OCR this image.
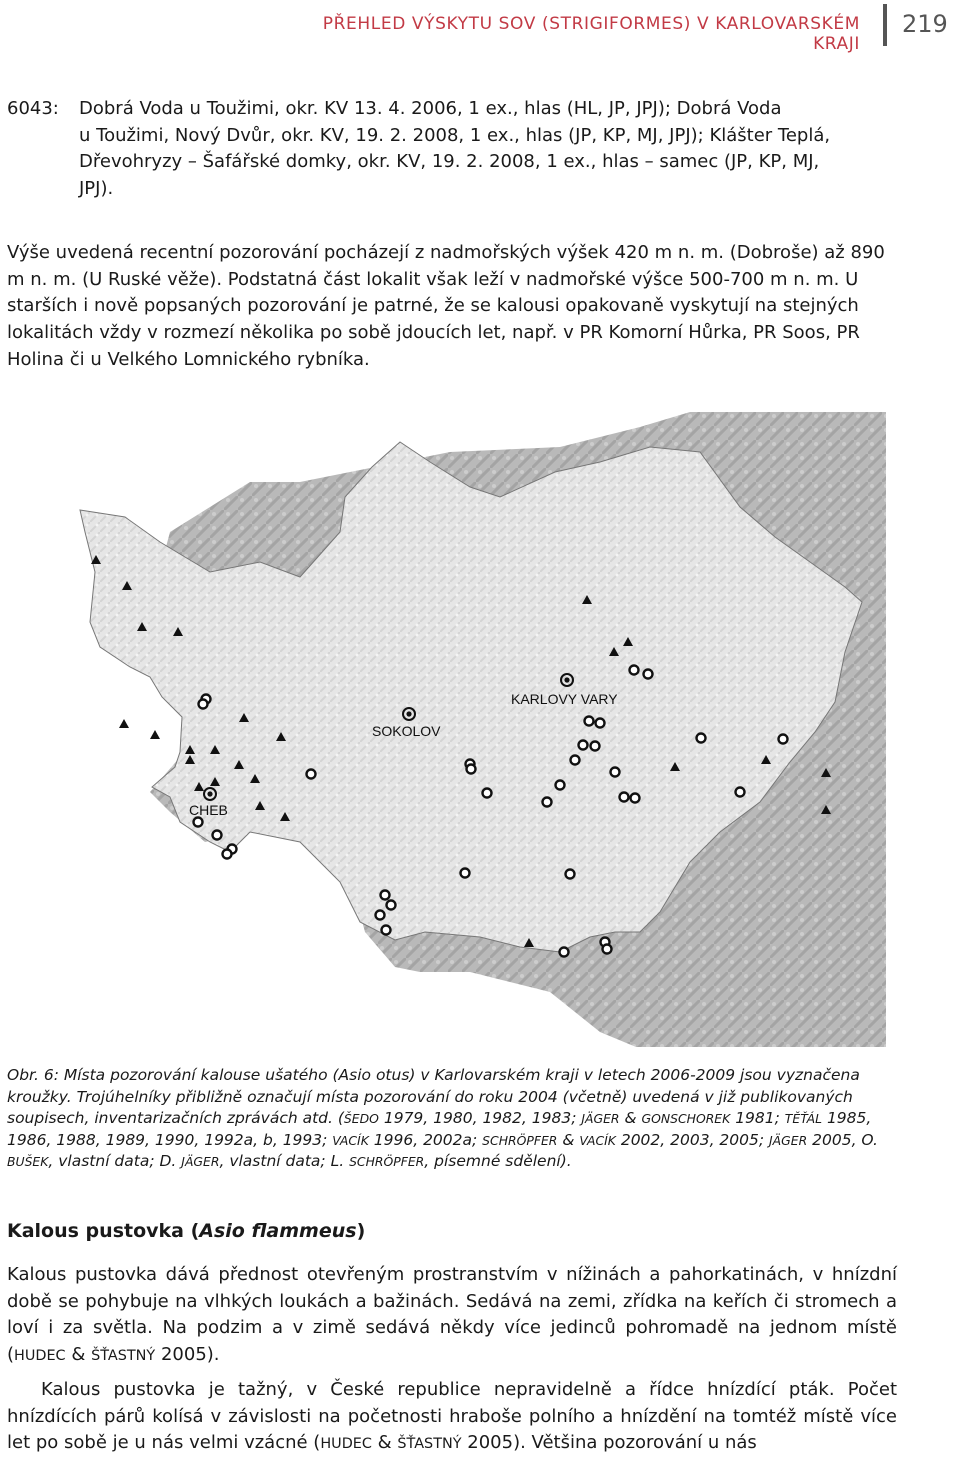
PŘEHLED VÝSKYTU SOV (STRIGIFORMES) V KARLOVARSKÉM KRAJI
219
6043: Dobrá Voda u Toužimi, okr. KV 13. 4. 2006, 1 ex., hlas (HL, JP, JPJ); Dobrá Voda
u Toužimi, Nový Dvůr, okr. KV, 19. 2. 2008, 1 ex., hlas (JP, KP, MJ, JPJ); Klášter Teplá,
Dřevohryzy – Šafářské domky, okr. KV, 19. 2. 2008, 1 ex., hlas – samec (JP, KP, MJ,
JPJ).

Výše uvedená recentní pozorování pocházejí z nadmořských výšek 420 m n. m. (Dobroše) až 890 m n. m. (U Ruské věže). Podstatná část lokalit však leží v nadmořské výšce 500-700 m n. m. U starších i nově popsaných pozorování je patrné, že se kalousi opakovaně vyskytují na stejných lokalitách vždy v rozmezí několika po sobě jdoucích let, např. v PR Komorní Hůrka, PR Soos, PR Holina či u Velkého Lomnického rybníka.

KARLOVY VARY
SOKOLOV
CHEB

Obr. 6: Místa pozorování kalouse ušatého (Asio otus) v Karlovarském kraji v letech 2006-2009 jsou vyznačena kroužky. Trojúhelníky přibližně označují místa pozorování do roku 2004 (včetně) uvedená v již publikovaných soupisech, inventarizačních zprávách atd. (ŠEDO 1979, 1980, 1982, 1983; JÄGER & GONSCHOREK 1981; TĚŤÁL 1985, 1986, 1988, 1989, 1990, 1992a, b, 1993; VACÍK 1996, 2002a; SCHRÖPFER & VACÍK 2002, 2003, 2005; JÄGER 2005, O. BUŠEK, vlastní data; D. JÄGER, vlastní data; L. SCHRÖPFER, písemné sdělení).

Kalous pustovka (Asio flammeus)

Kalous pustovka dává přednost otevřeným prostranstvím v nížinách a pahorkatinách, v hnízdní době se pohybuje na vlhkých loukách a bažinách. Sedává na zemi, zřídka na keřích či stromech a loví i za světla. Na podzim a v zimě sedává někdy více jedinců pohromadě na jednom místě (HUDEC & ŠŤASTNÝ 2005).

Kalous pustovka je tažný, v České republice nepravidelně a řídce hnízdící pták. Počet hnízdících párů kolísá v závislosti na početnosti hraboše polního a hnízdění na tomtéž místě více let po sobě je u nás velmi vzácné (HUDEC & ŠŤASTNÝ 2005). Většina pozorování u nás
